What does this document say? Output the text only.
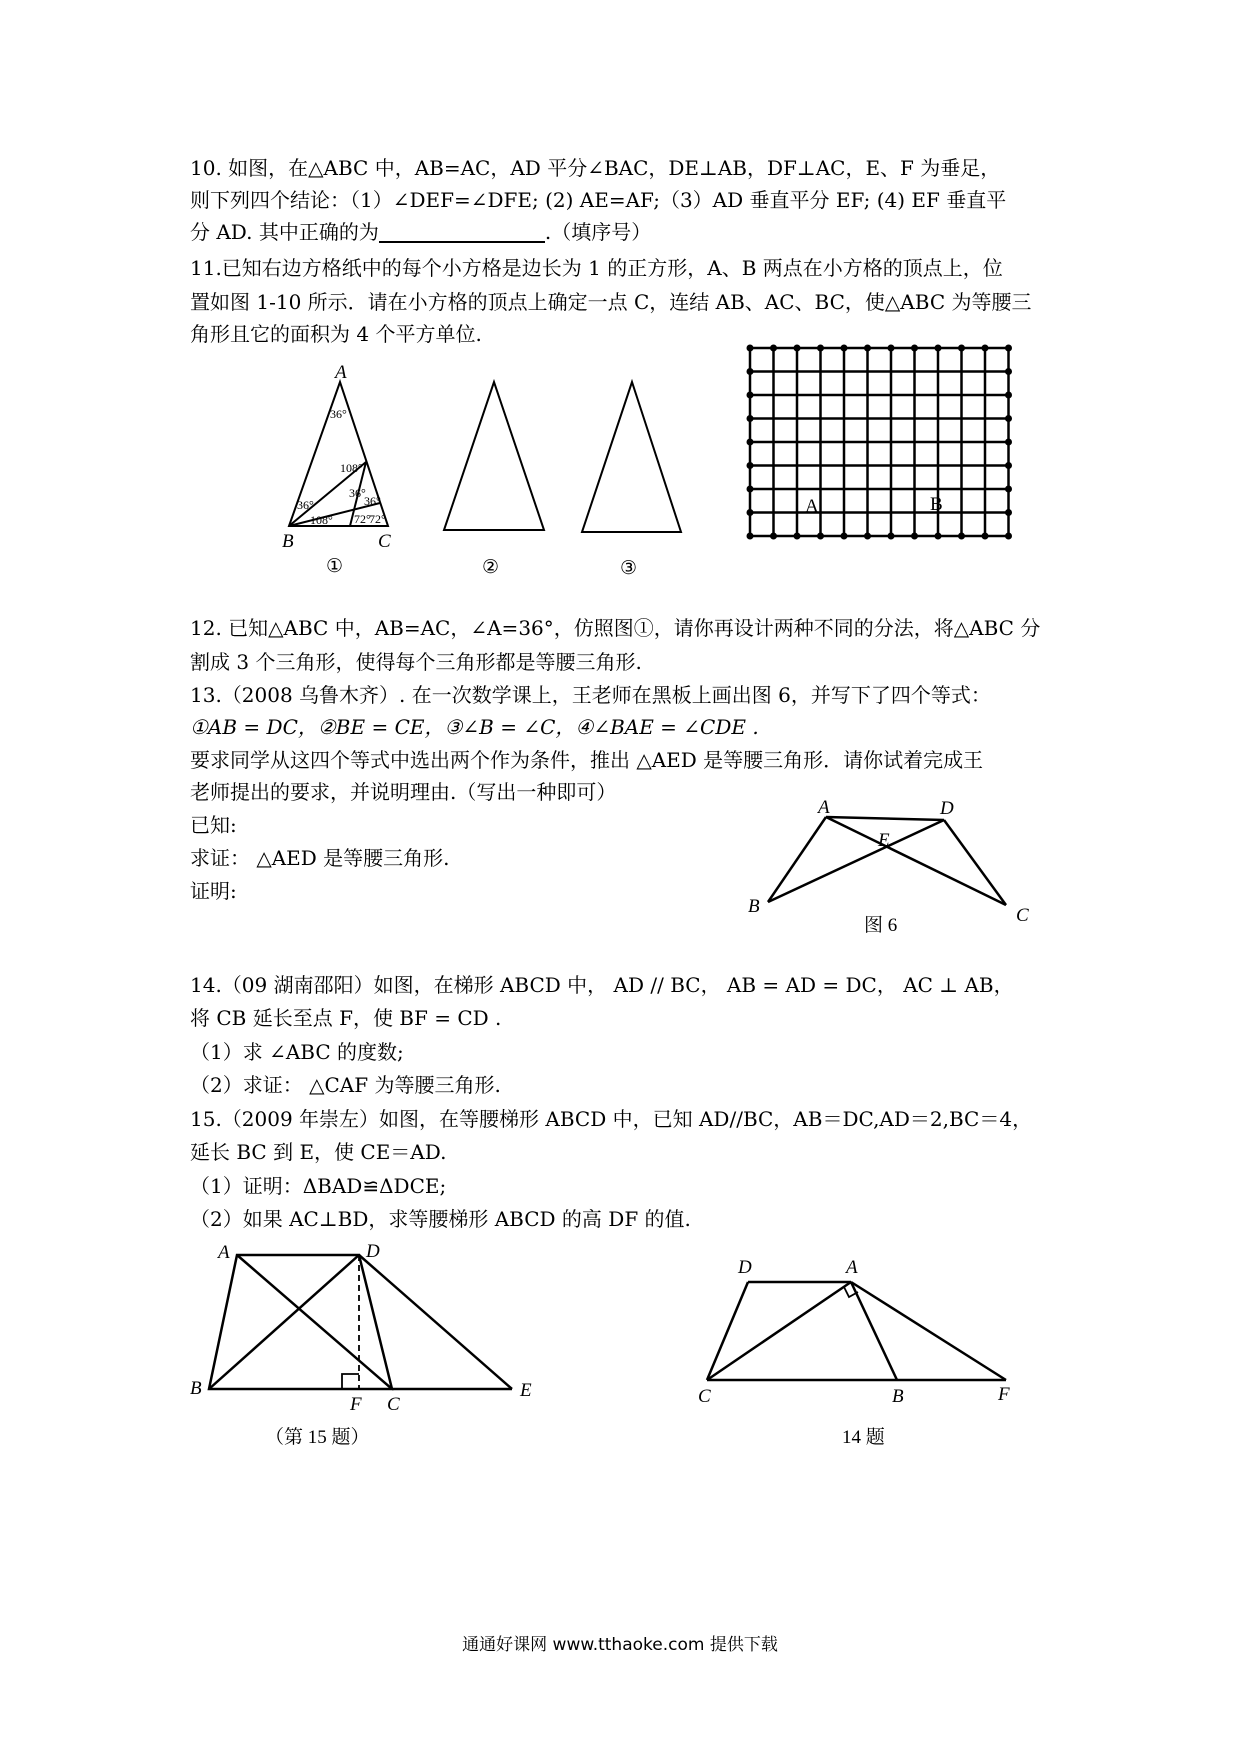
10. 如图，在△ABC 中，AB=AC，AD 平分∠BAC，DE⊥AB，DF⊥AC，E、F 为垂足，
则下列四个结论：（1）∠DEF=∠DFE; (2) AE=AF;（3）AD 垂直平分 EF; (4) EF 垂直平
分 AD. 其中正确的为	.（填序号）
11.已知右边方格纸中的每个小方格是边长为 1 的正方形，A、B 两点在小方格的顶点上，位
置如图 1-10 所示．请在小方格的顶点上确定一点 C，连结 AB、AC、BC，使△ABC 为等腰三
角形且它的面积为 4 个平方单位.
36°
108°
36°
36°
36°
108° 72°
72°
A
B	C
①	②	③
A	B
12. 已知△ABC 中，AB=AC，∠A=36°，仿照图①，请你再设计两种不同的分法，将△ABC 分
割成 3 个三角形，使得每个三角形都是等腰三角形.
13.（2008 乌鲁木齐）. 在一次数学课上，王老师在黑板上画出图 6，并写下了四个等式：
①AB = DC，②BE = CE，③∠B = ∠C，④∠BAE = ∠CDE .
要求同学从这四个等式中选出两个作为条件，推出 △AED 是等腰三角形．请你试着完成王
老师提出的要求，并说明理由.（写出一种即可）
已知:
求证： △AED 是等腰三角形.
证明:
A	D
E
B	C
图 6
14.（09 湖南邵阳）如图，在梯形 ABCD 中， AD // BC， AB = AD = DC， AC ⊥ AB，
将 CB 延长至点 F，使 BF = CD .
（1）求 ∠ABC 的度数;
（2）求证： △CAF 为等腰三角形.
15.（2009 年崇左）如图，在等腰梯形 ABCD 中，已知 AD//BC，AB＝DC,AD＝2,BC＝4，
延长 BC 到 E，使 CE＝AD.
（1）证明：ΔBAD≌ΔDCE;
（2）如果 AC⊥BD，求等腰梯形 ABCD 的高 DF 的值.
A	D
B
F C
E
（第 15 题）
D	A
C	B	F
14 题
通通好课网 www.tthaoke.com 提供下载
